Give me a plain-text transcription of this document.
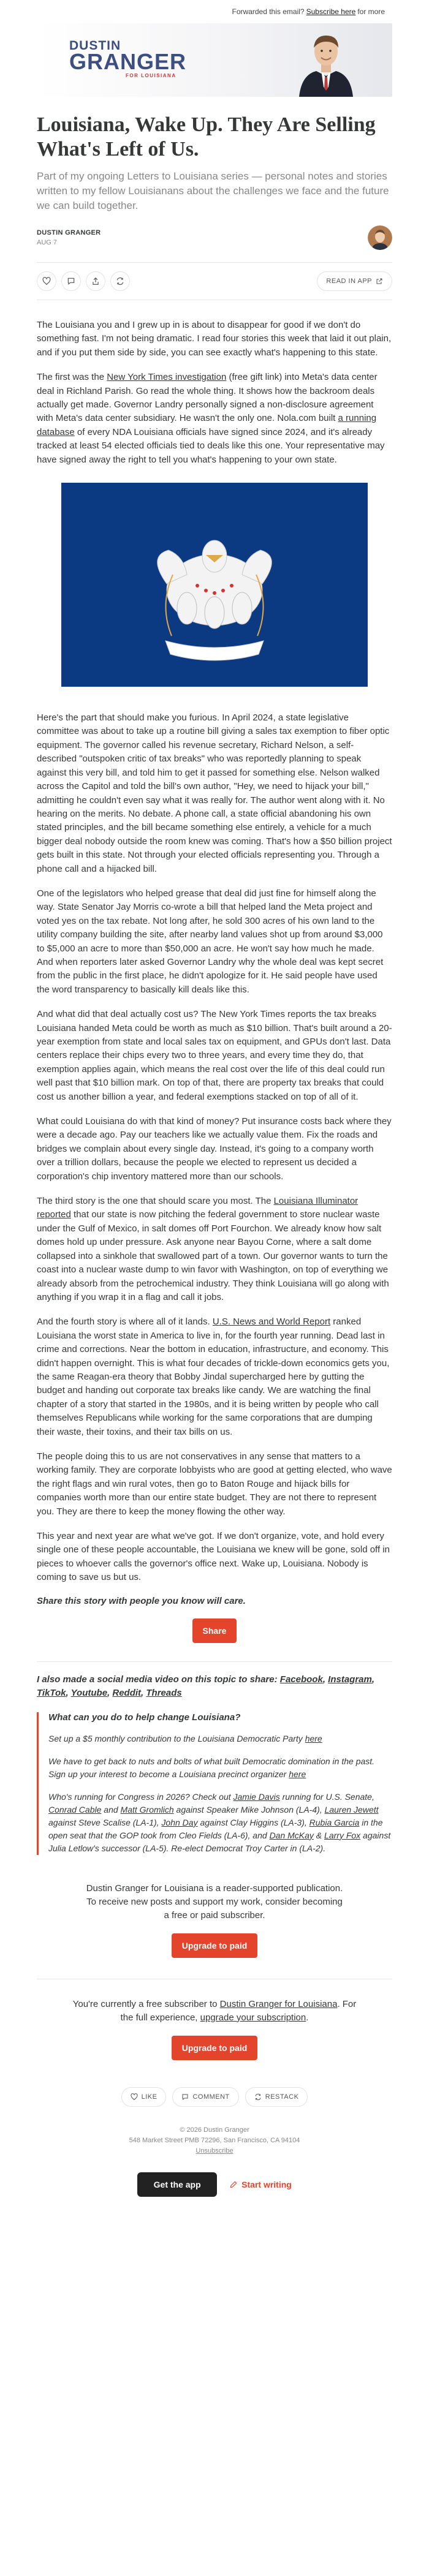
Forwarded this email? Subscribe here for more
DUSTIN
GRANGER
FOR LOUISIANA
Louisiana, Wake Up. They Are Selling What's Left of Us.
Part of my ongoing Letters to Louisiana series — personal notes and stories written to my fellow Louisianans about the challenges we face and the future we can build together.
DUSTIN GRANGER
AUG 7
READ IN APP

The Louisiana you and I grew up in is about to disappear for good if we don't do something fast. I'm not being dramatic. I read four stories this week that laid it out plain, and if you put them side by side, you can see exactly what's happening to this state.

The first was the New York Times investigation (free gift link) into Meta's data center deal in Richland Parish. Go read the whole thing. It shows how the backroom deals actually get made. Governor Landry personally signed a non-disclosure agreement with Meta's data center subsidiary. He wasn't the only one. Nola.com built a running database of every NDA Louisiana officials have signed since 2024, and it's already tracked at least 54 elected officials tied to deals like this one. Your representative may have signed away the right to tell you what's happening to your own state.

Here's the part that should make you furious. In April 2024, a state legislative committee was about to take up a routine bill giving a sales tax exemption to fiber optic equipment. The governor called his revenue secretary, Richard Nelson, a self-described "outspoken critic of tax breaks" who was reportedly planning to speak against this very bill, and told him to get it passed for something else. Nelson walked across the Capitol and told the bill's own author, "Hey, we need to hijack your bill," admitting he couldn't even say what it was really for. The author went along with it. No hearing on the merits. No debate. A phone call, a state official abandoning his own stated principles, and the bill became something else entirely, a vehicle for a much bigger deal nobody outside the room knew was coming. That's how a $50 billion project gets built in this state. Not through your elected officials representing you. Through a phone call and a hijacked bill.

One of the legislators who helped grease that deal did just fine for himself along the way. State Senator Jay Morris co-wrote a bill that helped land the Meta project and voted yes on the tax rebate. Not long after, he sold 300 acres of his own land to the utility company building the site, after nearby land values shot up from around $3,000 to $5,000 an acre to more than $50,000 an acre. He won't say how much he made. And when reporters later asked Governor Landry why the whole deal was kept secret from the public in the first place, he didn't apologize for it. He said people have used the word transparency to basically kill deals like this.

And what did that deal actually cost us? The New York Times reports the tax breaks Louisiana handed Meta could be worth as much as $10 billion. That's built around a 20-year exemption from state and local sales tax on equipment, and GPUs don't last. Data centers replace their chips every two to three years, and every time they do, that exemption applies again, which means the real cost over the life of this deal could run well past that $10 billion mark. On top of that, there are property tax breaks that could cost us another billion a year, and federal exemptions stacked on top of all of it.

What could Louisiana do with that kind of money? Put insurance costs back where they were a decade ago. Pay our teachers like we actually value them. Fix the roads and bridges we complain about every single day. Instead, it's going to a company worth over a trillion dollars, because the people we elected to represent us decided a corporation's chip inventory mattered more than our schools.

The third story is the one that should scare you most. The Louisiana Illuminator reported that our state is now pitching the federal government to store nuclear waste under the Gulf of Mexico, in salt domes off Port Fourchon. We already know how salt domes hold up under pressure. Ask anyone near Bayou Corne, where a salt dome collapsed into a sinkhole that swallowed part of a town. Our governor wants to turn the coast into a nuclear waste dump to win favor with Washington, on top of everything we already absorb from the petrochemical industry. They think Louisiana will go along with anything if you wrap it in a flag and call it jobs.

And the fourth story is where all of it lands. U.S. News and World Report ranked Louisiana the worst state in America to live in, for the fourth year running. Dead last in crime and corrections. Near the bottom in education, infrastructure, and economy. This didn't happen overnight. This is what four decades of trickle-down economics gets you, the same Reagan-era theory that Bobby Jindal supercharged here by gutting the budget and handing out corporate tax breaks like candy. We are watching the final chapter of a story that started in the 1980s, and it is being written by people who call themselves Republicans while working for the same corporations that are dumping their waste, their toxins, and their tax bills on us.

The people doing this to us are not conservatives in any sense that matters to a working family. They are corporate lobbyists who are good at getting elected, who wave the right flags and win rural votes, then go to Baton Rouge and hijack bills for companies worth more than our entire state budget. They are not there to represent you. They are there to keep the money flowing the other way.

This year and next year are what we've got. If we don't organize, vote, and hold every single one of these people accountable, the Louisiana we knew will be gone, sold off in pieces to whoever calls the governor's office next. Wake up, Louisiana. Nobody is coming to save us but us.

Share this story with people you know will care.
Share

I also made a social media video on this topic to share: Facebook, Instagram, TikTok, Youtube, Reddit, Threads

What can you do to help change Louisiana?

Set up a $5 monthly contribution to the Louisiana Democratic Party here

We have to get back to nuts and bolts of what built Democratic domination in the past. Sign up your interest to become a Louisiana precinct organizer here

Who's running for Congress in 2026? Check out Jamie Davis running for U.S. Senate, Conrad Cable and Matt Gromlich against Speaker Mike Johnson (LA-4), Lauren Jewett against Steve Scalise (LA-1), John Day against Clay Higgins (LA-3), Rubia Garcia in the open seat that the GOP took from Cleo Fields (LA-6), and Dan McKay & Larry Fox against Julia Letlow's successor (LA-5). Re-elect Democrat Troy Carter in (LA-2).

Dustin Granger for Louisiana is a reader-supported publication. To receive new posts and support my work, consider becoming a free or paid subscriber.
Upgrade to paid

You're currently a free subscriber to Dustin Granger for Louisiana. For the full experience, upgrade your subscription.

Upgrade to paid
LIKE	COMMENT	RESTACK
© 2026 Dustin Granger
548 Market Street PMB 72296, San Francisco, CA 94104
Unsubscribe
Get the app	Start writing
